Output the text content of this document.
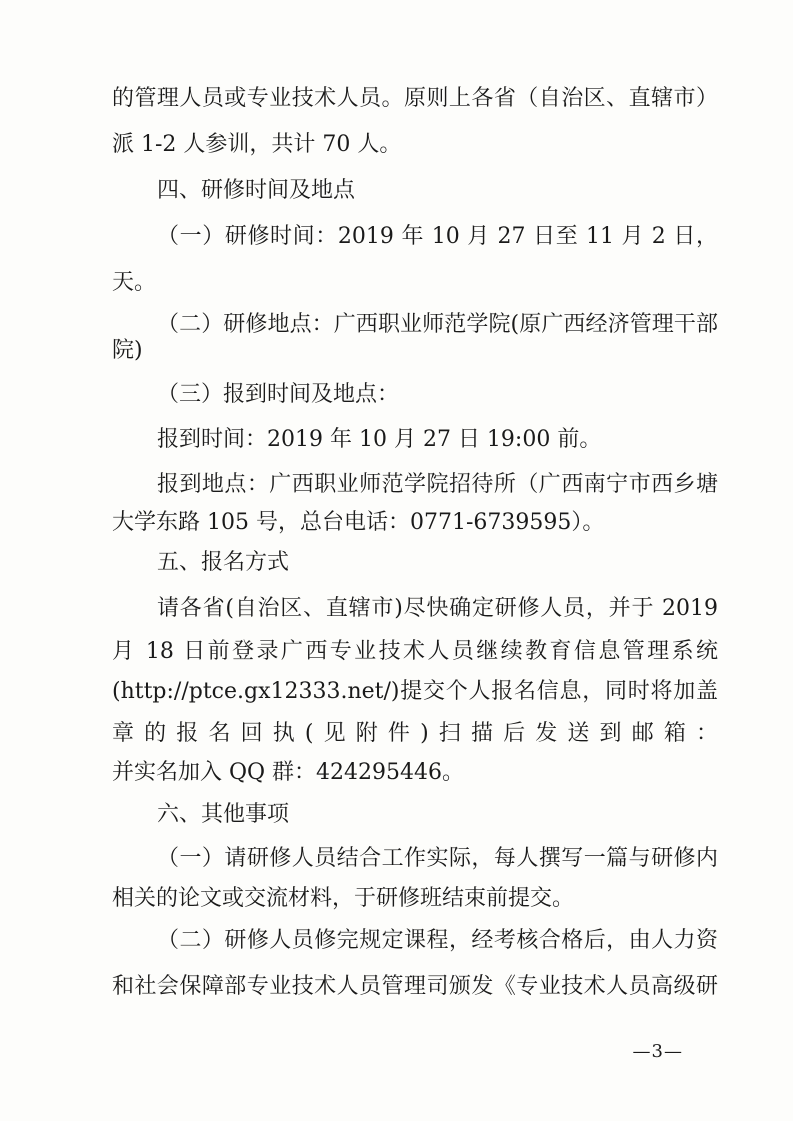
的管理人员或专业技术人员。原则上各省（自治区、直辖市）
派 1-2 人参训，共计 70 人。
四、研修时间及地点
（一）研修时间：2019 年 10 月 27 日至 11 月 2 日，
天。
（二）研修地点：广西职业师范学院(原广西经济管理干部
院)
（三）报到时间及地点：
报到时间：2019 年 10 月 27 日 19:00 前。
报到地点：广西职业师范学院招待所（广西南宁市西乡塘
大学东路 105 号，总台电话：0771-6739595）。
五、报名方式
请各省(自治区、直辖市)尽快确定研修人员，并于 2019
月 18 日前登录广西专业技术人员继续教育信息管理系统
(http://ptce.gx12333.net/)提交个人报名信息，同时将加盖
章的报名回执(见附件)扫描后发送到邮箱：
并实名加入 QQ 群：424295446。
六、其他事项
（一）请研修人员结合工作实际，每人撰写一篇与研修内
相关的论文或交流材料，于研修班结束前提交。
（二）研修人员修完规定课程，经考核合格后，由人力资
和社会保障部专业技术人员管理司颁发《专业技术人员高级研
—3—
